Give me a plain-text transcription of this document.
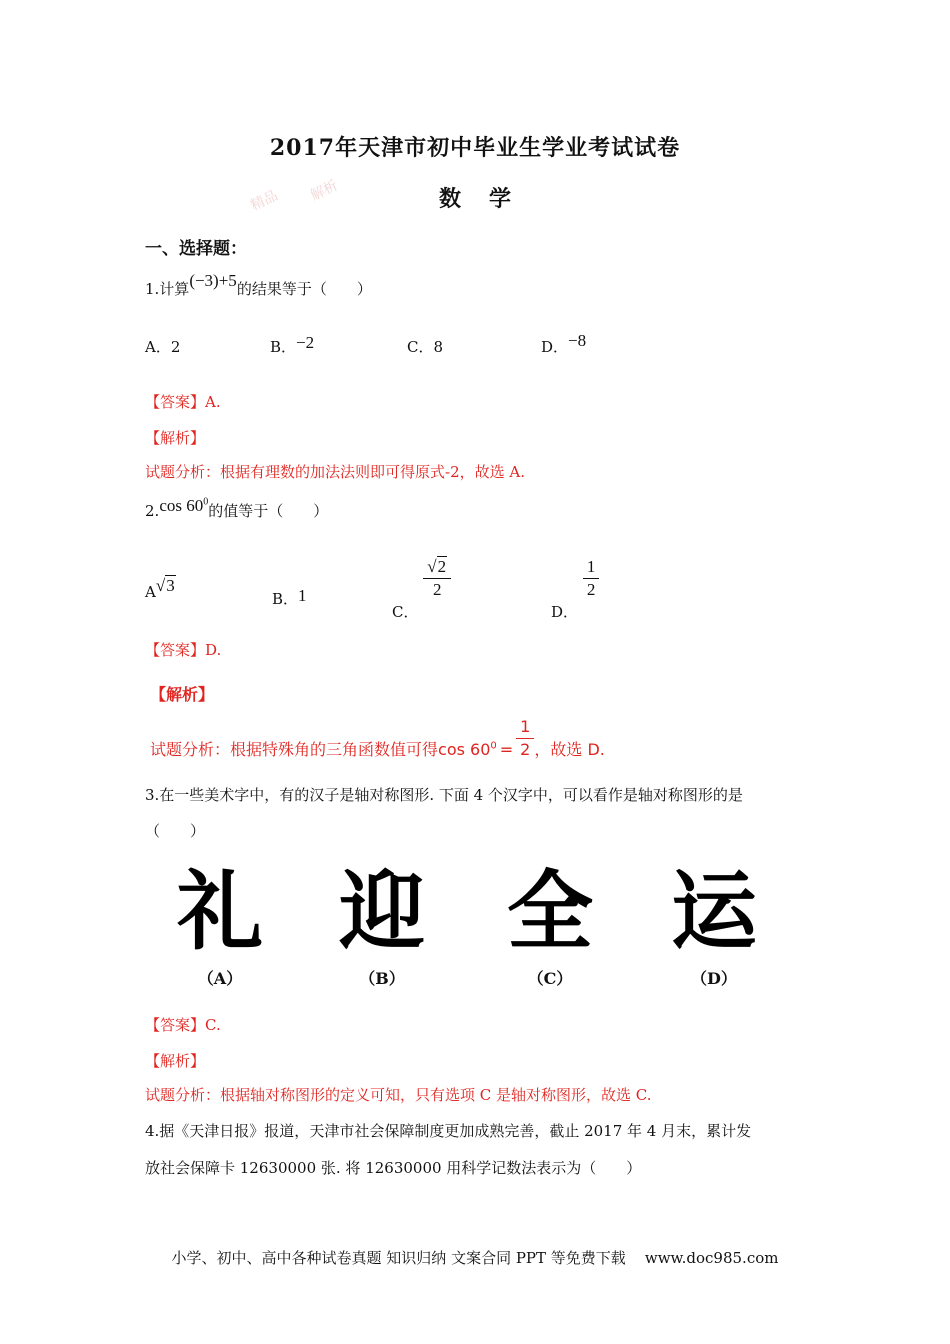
2017年天津市初中毕业生学业考试试卷
数学
精品 解析
一、选择题：
1.计算(−3)+5的结果等于（　　）
A．2	B．−2	C．8	D．−8
【答案】A.
【解析】
试题分析：根据有理数的加法法则即可得原式-2，故选 A.
2.cos $60^0$的值等于（　　）
A√3
B．1
C．
$\frac{√2}{2}$
D．
$\frac{1}{2}$
【答案】D.
【解析】
试题分析：根据特殊角的三角函数值可得$\cos 60^0 = \frac{1}{2}$ ，故选 D.
3.在一些美术字中，有的汉子是轴对称图形. 下面 4 个汉字中，可以看作是轴对称图形的是
（　　）
礼
（A）
迎
（B）
全
（C）
运
（D）
【答案】C.
【解析】
试题分析：根据轴对称图形的定义可知，只有选项 C 是轴对称图形，故选 C.
4.据《天津日报》报道，天津市社会保障制度更加成熟完善，截止 2017 年 4 月末，累计发
放社会保障卡 12630000 张. 将 12630000 用科学记数法表示为（　　）
小学、初中、高中各种试卷真题 知识归纳 文案合同 PPT 等免费下载 www.doc985.com
